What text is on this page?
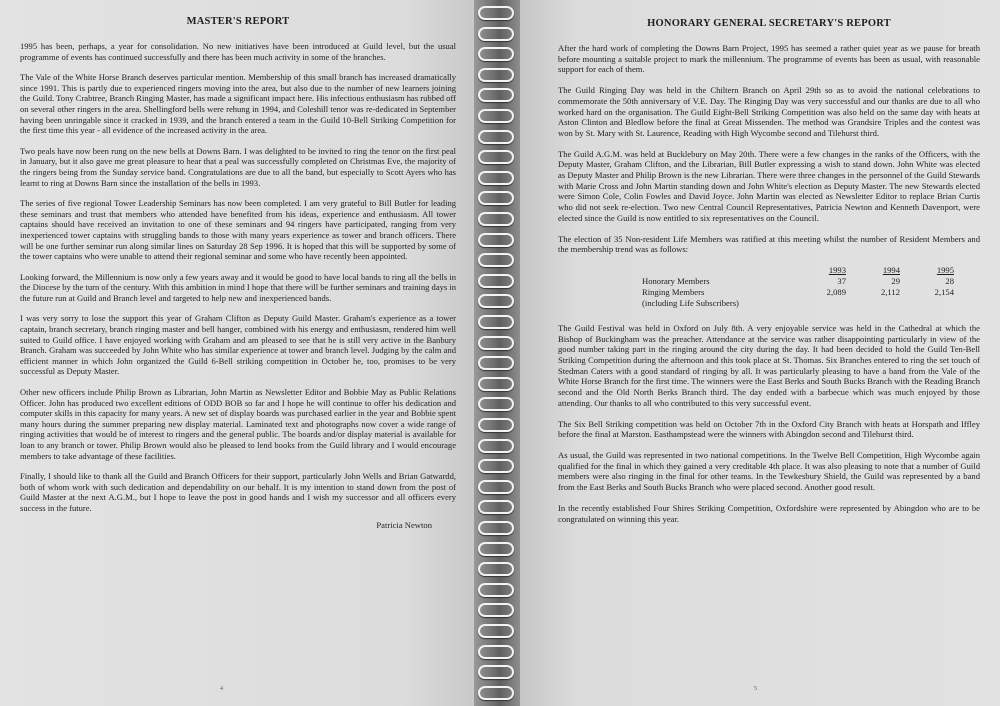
MASTER'S REPORT

1995 has been, perhaps, a year for consolidation. No new initiatives have been introduced at Guild level, but the usual programme of events has continued successfully and there has been much activity in some of the branches.

The Vale of the White Horse Branch deserves particular mention. Membership of this small branch has increased dramatically since 1991. This is partly due to experienced ringers moving into the area, but also due to the number of new learners joining the Guild. Tony Crabtree, Branch Ringing Master, has made a significant impact here. His infectious enthusiasm has rubbed off on several other ringers in the area. Shellingford bells were rehung in 1994, and Coleshill tenor was re-dedicated in September having been unringable since it cracked in 1939, and the branch entered a team in the Guild 10-Bell Striking Competition for the first time this year - all evidence of the increased activity in the area.

Two peals have now been rung on the new bells at Downs Barn. I was delighted to be invited to ring the tenor on the first peal in January, but it also gave me great pleasure to hear that a peal was successfully completed on Christmas Eve, the majority of the ringers being from the Sunday service band. Congratulations are due to all the band, but especially to Scott Ayers who has learnt to ring at Downs Barn since the installation of the bells in 1993.

The series of five regional Tower Leadership Seminars has now been completed. I am very grateful to Bill Butler for leading these seminars and trust that members who attended have benefited from his ideas, experience and enthusiasm. All tower captains should have received an invitation to one of these seminars and 94 ringers have participated, ranging from very inexperienced tower captains with struggling bands to those with many years experience as tower and branch officers. There will be one further seminar run along similar lines on Saturday 28 Sep 1996. It is hoped that this will be supported by some of the tower captains who were unable to attend their regional seminar and some who have recently been appointed.

Looking forward, the Millennium is now only a few years away and it would be good to have local bands to ring all the bells in the Diocese by the turn of the century. With this ambition in mind I hope that there will be further seminars and training days in the future run at Guild and Branch level and targeted to help new and inexperienced bands.

I was very sorry to lose the support this year of Graham Clifton as Deputy Guild Master. Graham's experience as a tower captain, branch secretary, branch ringing master and bell hanger, combined with his energy and enthusiasm, rendered him well suited to Guild office. I have enjoyed working with Graham and am pleased to see that he is still very active in the Banbury Branch. Graham was succeeded by John White who has similar experience at tower and branch level. Judging by the calm and efficient manner in which John organized the Guild 6-Bell striking competition in October he, too, promises to be very successful as Deputy Master.

Other new officers include Philip Brown as Librarian, John Martin as Newsletter Editor and Bobbie May as Public Relations Officer. John has produced two excellent editions of ODD BOB so far and I hope he will continue to offer his dedication and computer skills in this capacity for many years. A new set of display boards was purchased earlier in the year and Bobbie spent many hours during the summer preparing new display material. Laminated text and photographs now cover a wide range of ringing activities that would be of interest to ringers and the general public. The boards and/or display material is available for loan to any branch or tower. Philip Brown would also be pleased to lend books from the Guild library and I would encourage members to take advantage of these facilities.

Finally, I should like to thank all the Guild and Branch Officers for their support, particularly John Wells and Brian Gatwardd, both of whom work with such dedication and dependability on our behalf. It is my intention to stand down from the post of Guild Master at the next A.G.M., but I hope to leave the post in good hands and I wish my successor and all officers every success in the future.

Patricia Newton
4
HONORARY GENERAL SECRETARY'S REPORT

After the hard work of completing the Downs Barn Project, 1995 has seemed a rather quiet year as we pause for breath before mounting a suitable project to mark the millennium. The programme of events has been as usual, with reasonable support for each of them.

The Guild Ringing Day was held in the Chiltern Branch on April 29th so as to avoid the national celebrations to commemorate the 50th anniversary of V.E. Day. The Ringing Day was very successful and our thanks are due to all who worked hard on the organisation. The Guild Eight-Bell Striking Competition was also held on the same day with heats at Aston Clinton and Bledlow before the final at Great Missenden. The method was Grandsire Triples and the contest was won by St. Mary with St. Laurence, Reading with High Wycombe second and Tilehurst third.

The Guild A.G.M. was held at Bucklebury on May 20th. There were a few changes in the ranks of the Officers, with the Deputy Master, Graham Clifton, and the Librarian, Bill Butler expressing a wish to stand down. John White was elected as Deputy Master and Philip Brown is the new Librarian. There were three changes in the personnel of the Guild Stewards with Marie Cross and John Martin standing down and John White's election as Deputy Master. The new Stewards elected were Simon Cole, Colin Fowles and David Joyce. John Martin was elected as Newsletter Editor to replace Brian Curtis who did not seek re-election. Two new Central Council Representatives, Patricia Newton and Kenneth Davenport, were elected since the Guild is now entitled to six representatives on the Council.

The election of 35 Non-resident Life Members was ratified at this meeting whilst the number of Resident Members and the membership trend was as follows:

	1993	1994	1995
Honorary Members	37	29	28
Ringing Members	2,089	2,112	2,154
(including Life Subscribers)			

The Guild Festival was held in Oxford on July 8th. A very enjoyable service was held in the Cathedral at which the Bishop of Buckingham was the preacher. Attendance at the service was rather disappointing particularly in view of the good number taking part in the ringing around the city during the day. It had been decided to hold the Guild Ten-Bell Striking Competition during the afternoon and this took place at St. Thomas. Six Branches entered to ring the set touch of Stedman Caters with a good standard of ringing by all. It was particularly pleasing to have a band from the Vale of the White Horse Branch for the first time. The winners were the East Berks and South Bucks Branch with the Reading Branch second and the Old North Berks Branch third. The day ended with a barbecue which was much enjoyed by those attending. Our thanks to all who contributed to this very successful event.

The Six Bell Striking competition was held on October 7th in the Oxford City Branch with heats at Horspath and Iffley before the final at Marston. Easthampstead were the winners with Abingdon second and Tilehurst third.

As usual, the Guild was represented in two national competitions. In the Twelve Bell Competition, High Wycombe again qualified for the final in which they gained a very creditable 4th place. It was also pleasing to note that a number of Guild members were also ringing in the final for other teams. In the Tewkesbury Shield, the Guild was represented by a band from the East Berks and South Bucks Branch who were placed second. Another good result.

In the recently established Four Shires Striking Competition, Oxfordshire were represented by Abingdon who are to be congratulated on winning this year.

5
